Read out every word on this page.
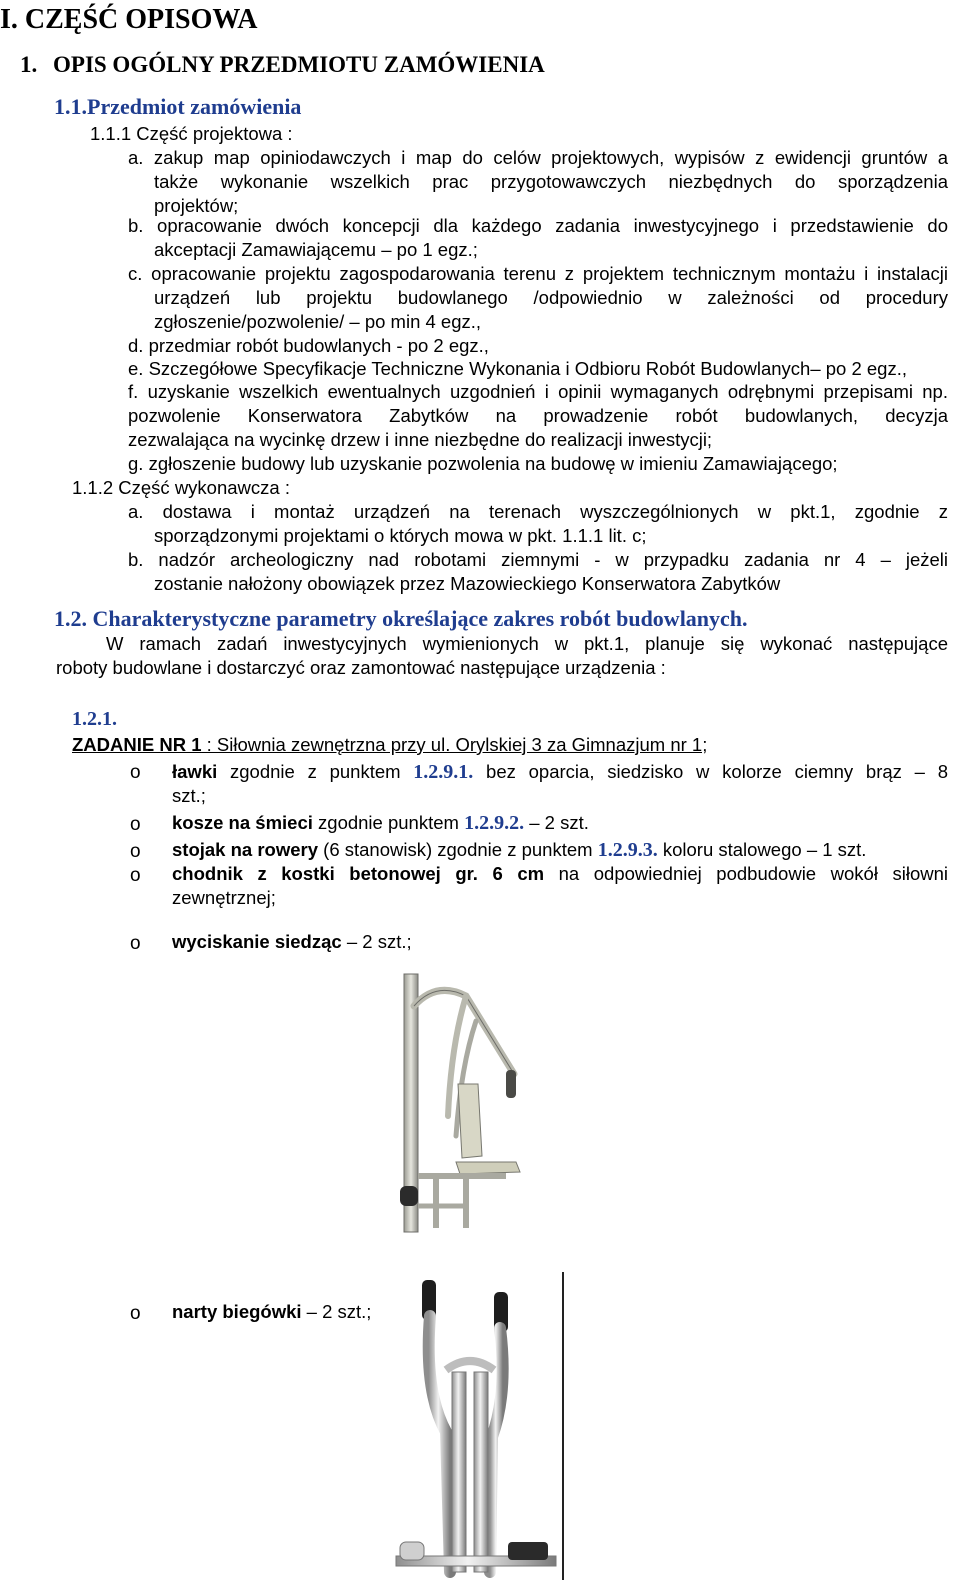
I. CZĘŚĆ OPISOWA
1. OPIS OGÓLNY PRZEDMIOTU ZAMÓWIENIA
1.1.Przedmiot zamówienia
1.1.1 Część projektowa :
a. zakup map opiniodawczych i map do celów projektowych, wypisów z ewidencji gruntów a
także wykonanie wszelkich prac przygotowawczych niezbędnych do sporządzenia
projektów;
b. opracowanie dwóch koncepcji dla każdego zadania inwestycyjnego i przedstawienie do
akceptacji Zamawiającemu – po 1 egz.;
c. opracowanie projektu zagospodarowania terenu z projektem technicznym montażu i instalacji
urządzeń lub projektu budowlanego /odpowiednio w zależności od procedury
zgłoszenie/pozwolenie/ – po min 4 egz.,
d. przedmiar robót budowlanych - po 2 egz.,
e. Szczegółowe Specyfikacje Techniczne Wykonania i Odbioru Robót Budowlanych– po 2 egz.,
f. uzyskanie wszelkich ewentualnych uzgodnień i opinii wymaganych odrębnymi przepisami np.
pozwolenie Konserwatora Zabytków na prowadzenie robót budowlanych, decyzja
zezwalająca na wycinkę drzew i inne niezbędne do realizacji inwestycji;
g. zgłoszenie budowy lub uzyskanie pozwolenia na budowę w imieniu Zamawiającego;
1.1.2 Część wykonawcza :
a. dostawa i montaż urządzeń na terenach wyszczególnionych w pkt.1, zgodnie z
sporządzonymi projektami o których mowa w pkt. 1.1.1 lit. c;
b. nadzór archeologiczny nad robotami ziemnymi - w przypadku zadania nr 4 – jeżeli
zostanie nałożony obowiązek przez Mazowieckiego Konserwatora Zabytków
1.2. Charakterystyczne parametry określające zakres robót budowlanych.
W ramach zadań inwestycyjnych wymienionych w pkt.1, planuje się wykonać następujące
roboty budowlane i dostarczyć oraz zamontować następujące urządzenia :
1.2.1.
ZADANIE NR 1 : Siłownia zewnętrzna przy ul. Orylskiej 3 za Gimnazjum nr 1;
o ławki zgodnie z punktem 1.2.9.1. bez oparcia, siedzisko w kolorze ciemny brąz – 8
szt.;
o kosze na śmieci zgodnie punktem 1.2.9.2. – 2 szt.
o stojak na rowery (6 stanowisk) zgodnie z punktem 1.2.9.3. koloru stalowego – 1 szt.
o chodnik z kostki betonowej gr. 6 cm na odpowiedniej podbudowie wokół siłowni
zewnętrznej;
o wyciskanie siedząc – 2 szt.;
o narty biegówki – 2 szt.;
